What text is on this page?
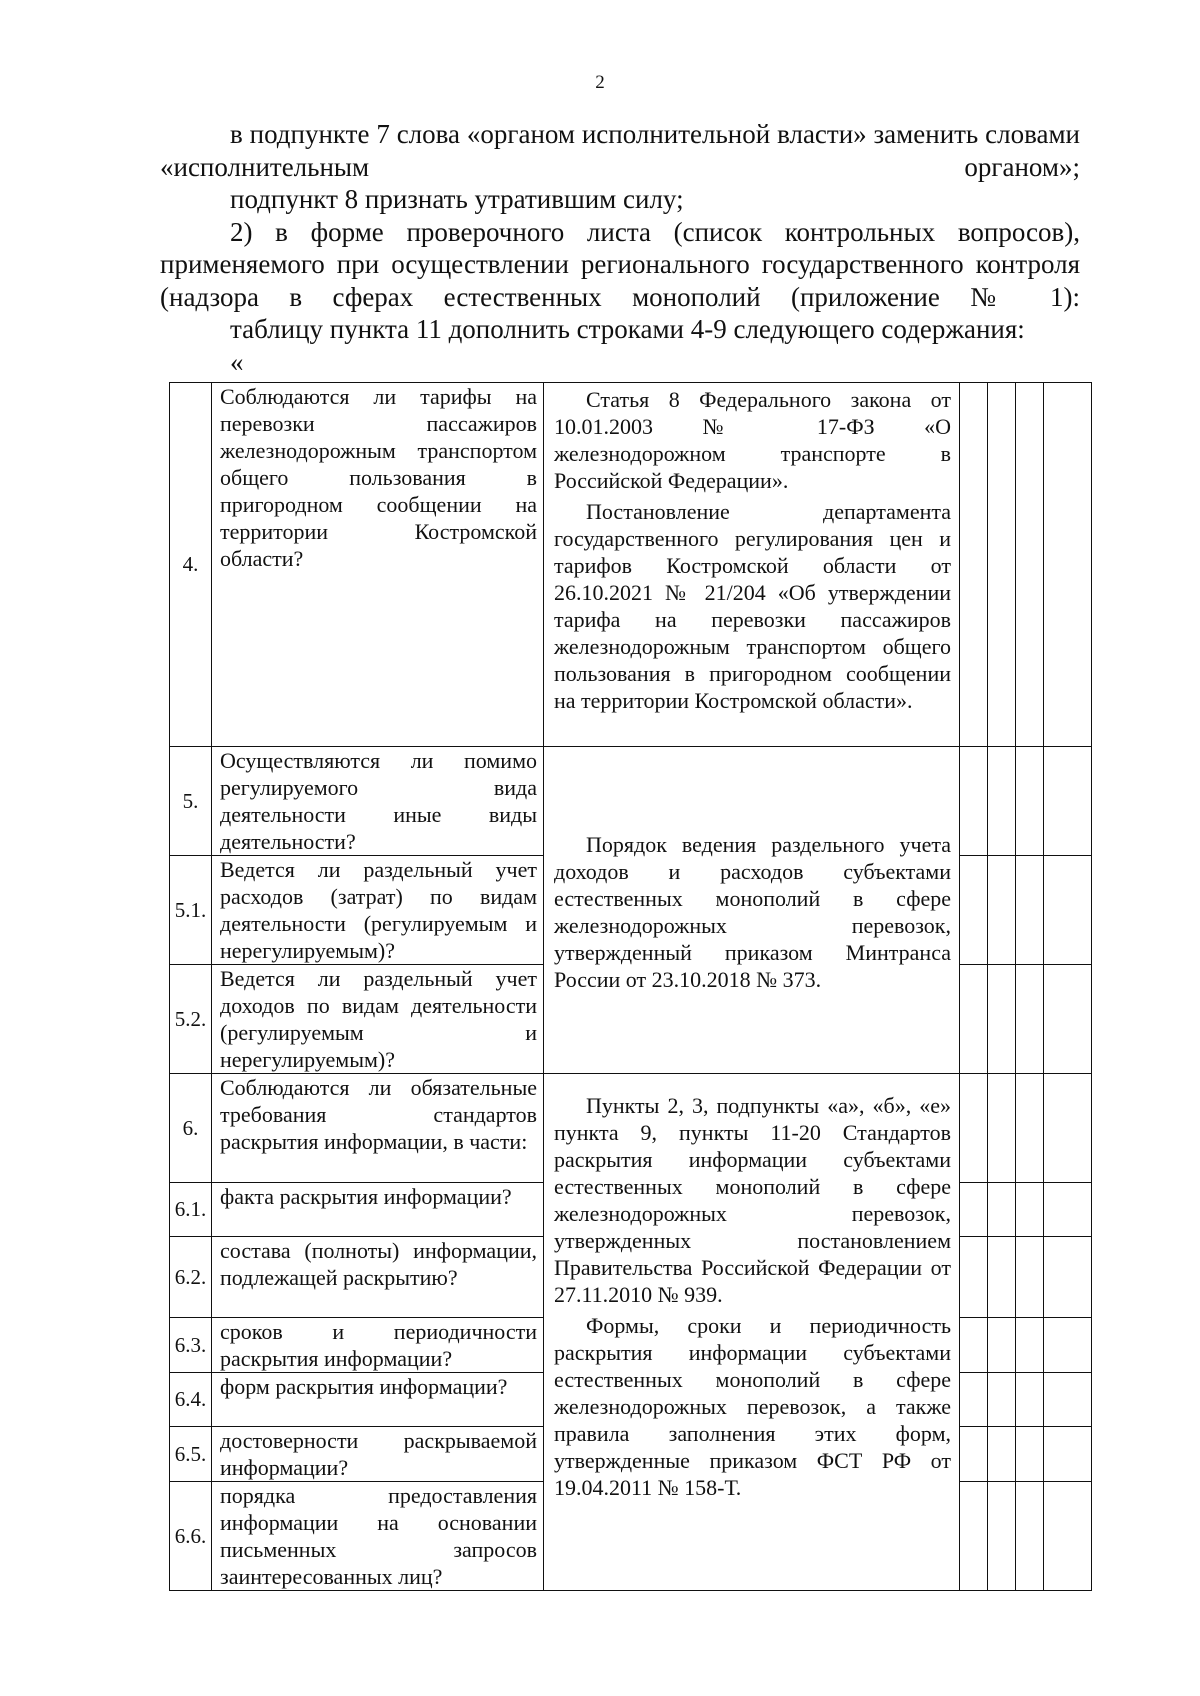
2

в подпункте 7 слова «органом исполнительной власти» заменить словами «исполнительным органом»;

подпункт 8 признать утратившим силу;

2) в форме проверочного листа (список контрольных вопросов), применяемого при осуществлении регионального государственного контроля (надзора в сферах естественных монополий (приложение № 1):

таблицу пункта 11 дополнить строками 4-9 следующего содержания:

«

4.	Соблюдаются ли тарифы на перевозки пассажиров железнодорожным транспортом общего пользования в пригородном сообщении на территории Костромской области?	Статья 8 Федерального закона от 10.01.2003 № 17-ФЗ «О железнодорожном транспорте в Российской Федерации».

Постановление департамента государственного регулирования цен и тарифов Костромской области от 26.10.2021 № 21/204 «Об утверждении тарифа на перевозки пассажиров железнодорожным транспортом общего пользования в пригородном сообщении на территории Костромской области».				

5.	Осуществляются ли помимо регулируемого вида деятельности иные виды деятельности?	Порядок ведения раздельного учета доходов и расходов субъектами естественных монополий в сфере железнодорожных перевозок, утвержденный приказом Минтранса России от 23.10.2018 № 373.				

5.1.	Ведется ли раздельный учет расходов (затрат) по видам деятельности (регулируемым и нерегулируемым)?					
5.2.	Ведется ли раздельный учет доходов по видам деятельности (регулируемым и нерегулируемым)?					
6.	Соблюдаются ли обязательные требования стандартов раскрытия информации, в части:	Пункты 2, 3, подпункты «а», «б», «е» пункта 9, пункты 11-20 Стандартов раскрытия информации субъектами естественных монополий в сфере железнодорожных перевозок, утвержденных постановлением Правительства Российской Федерации от 27.11.2010 № 939.

Формы, сроки и периодичность раскрытия информации субъектами естественных монополий в сфере железнодорожных перевозок, а также правила заполнения этих форм, утвержденные приказом ФСТ РФ от 19.04.2011 № 158-Т.				

6.1.	факта раскрытия информации?					
6.2.	состава (полноты) информации, подлежащей раскрытию?					
6.3.	сроков и периодичности раскрытия информации?					
6.4.	форм раскрытия информации?					
6.5.	достоверности раскрываемой информации?					
6.6.	порядка предоставления информации на основании письменных запросов заинтересованных лиц?					
